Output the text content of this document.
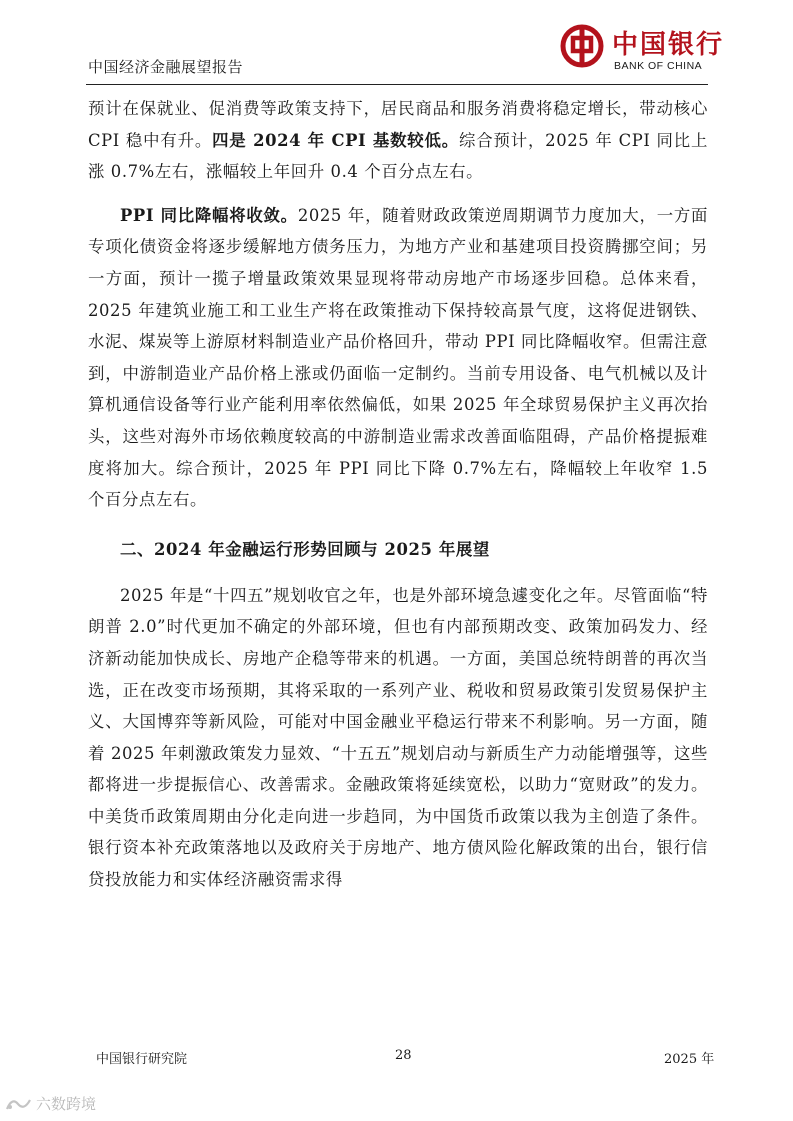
中国经济金融展望报告
中国银行
BANK OF CHINA

预计在保就业、促消费等政策支持下，居民商品和服务消费将稳定增长，带动核心 CPI 稳中有升。四是 2024 年 CPI 基数较低。综合预计，2025 年 CPI 同比上涨 0.7%左右，涨幅较上年回升 0.4 个百分点左右。

PPI 同比降幅将收敛。2025 年，随着财政政策逆周期调节力度加大，一方面专项化债资金将逐步缓解地方债务压力，为地方产业和基建项目投资腾挪空间；另一方面，预计一揽子增量政策效果显现将带动房地产市场逐步回稳。总体来看，2025 年建筑业施工和工业生产将在政策推动下保持较高景气度，这将促进钢铁、水泥、煤炭等上游原材料制造业产品价格回升，带动 PPI 同比降幅收窄。但需注意到，中游制造业产品价格上涨或仍面临一定制约。当前专用设备、电气机械以及计算机通信设备等行业产能利用率依然偏低，如果 2025 年全球贸易保护主义再次抬头，这些对海外市场依赖度较高的中游制造业需求改善面临阻碍，产品价格提振难度将加大。综合预计，2025 年 PPI 同比下降 0.7%左右，降幅较上年收窄 1.5 个百分点左右。

二、2024 年金融运行形势回顾与 2025 年展望

2025 年是“十四五”规划收官之年，也是外部环境急遽变化之年。尽管面临“特朗普 2.0”时代更加不确定的外部环境，但也有内部预期改变、政策加码发力、经济新动能加快成长、房地产企稳等带来的机遇。一方面，美国总统特朗普的再次当选，正在改变市场预期，其将采取的一系列产业、税收和贸易政策引发贸易保护主义、大国博弈等新风险，可能对中国金融业平稳运行带来不利影响。另一方面，随着 2025 年刺激政策发力显效、“十五五”规划启动与新质生产力动能增强等，这些都将进一步提振信心、改善需求。金融政策将延续宽松，以助力“宽财政”的发力。中美货币政策周期由分化走向进一步趋同，为中国货币政策以我为主创造了条件。银行资本补充政策落地以及政府关于房地产、地方债风险化解政策的出台，银行信贷投放能力和实体经济融资需求得

中国银行研究院	28	2025 年
六数跨境
